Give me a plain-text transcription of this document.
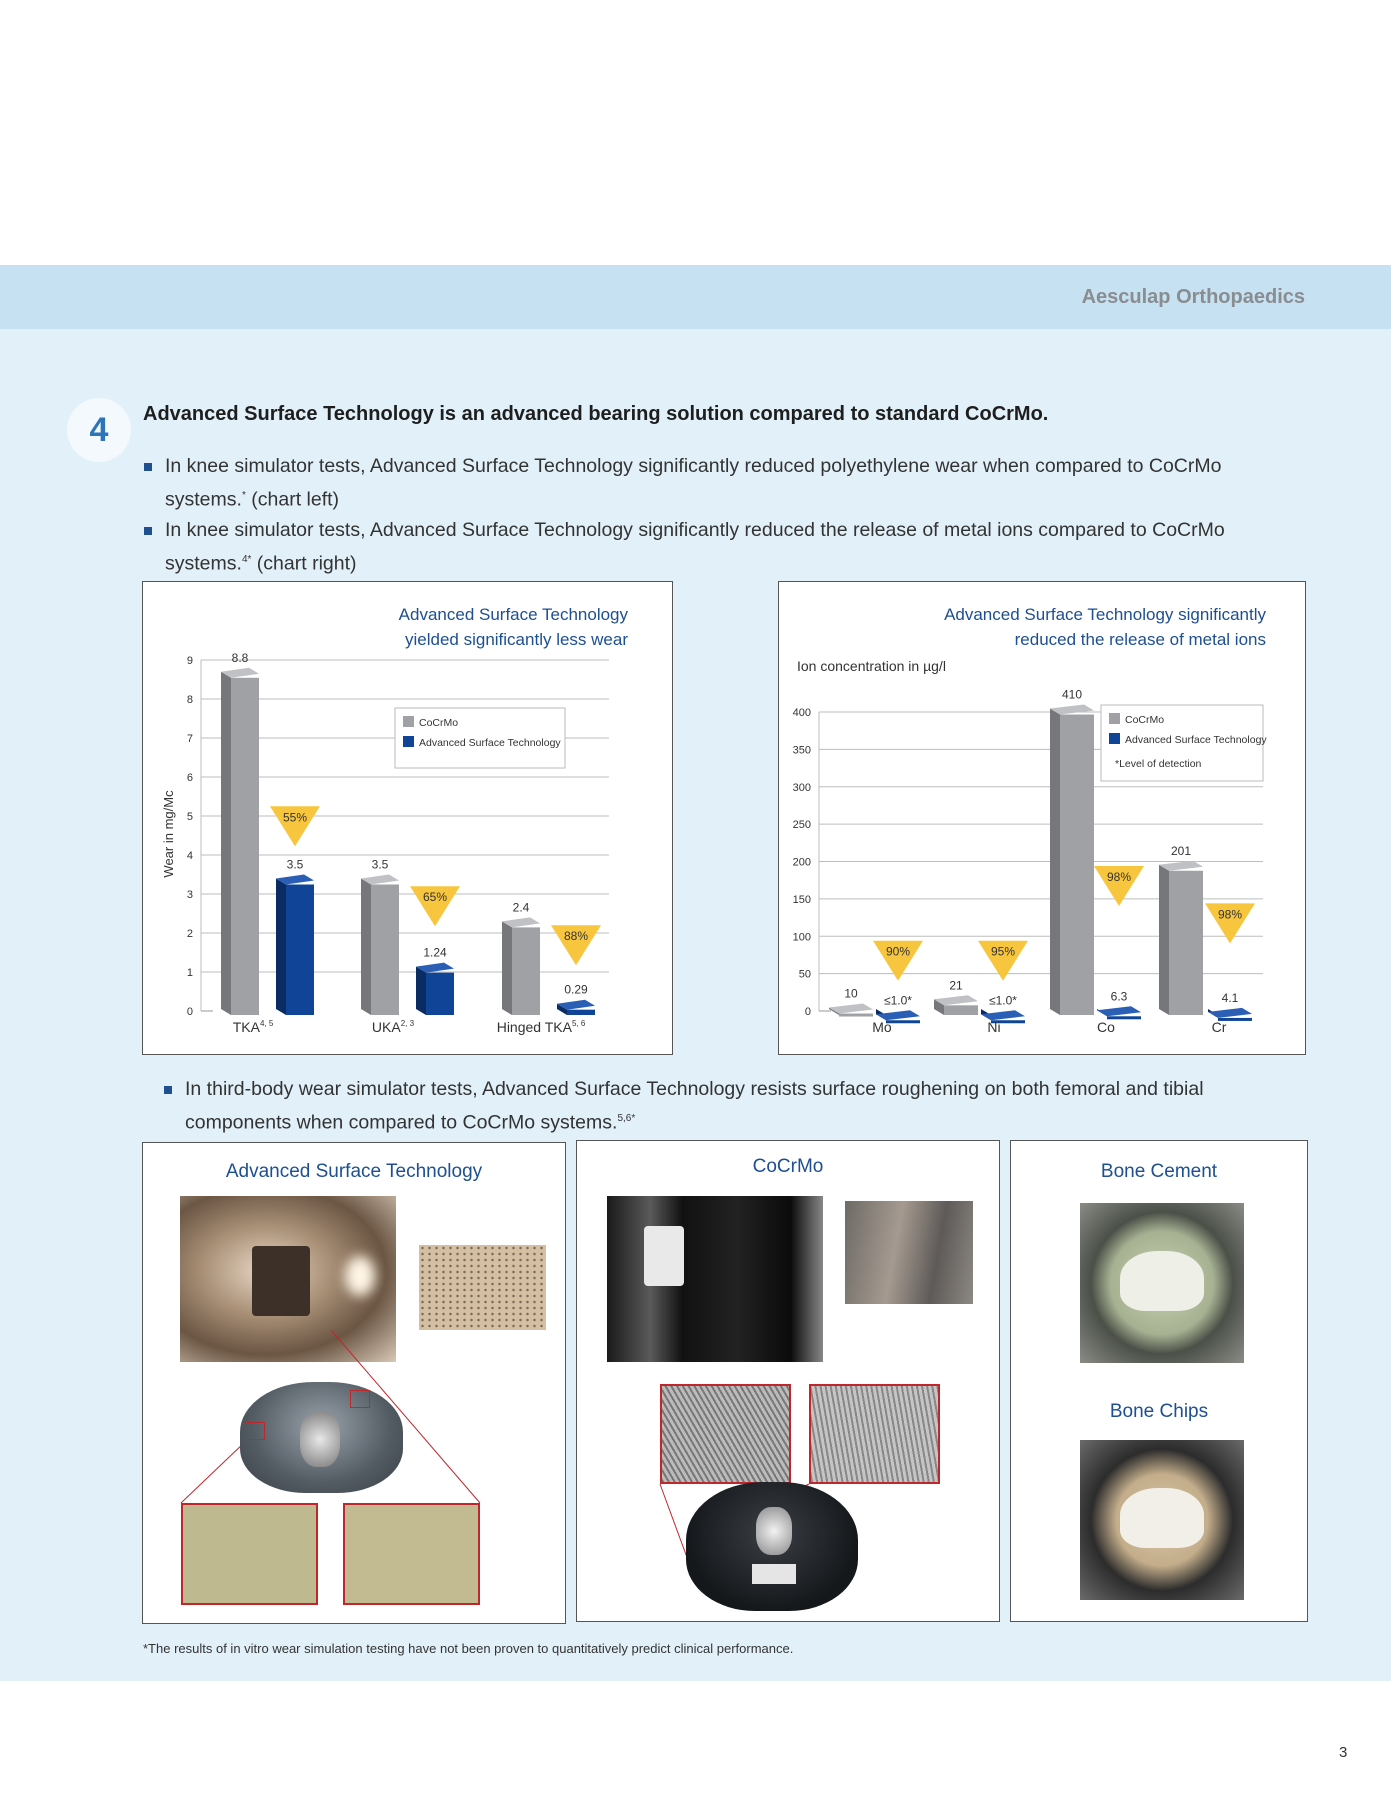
Aesculap Orthopaedics
4	Advanced Surface Technology is an advanced bearing solution compared to standard CoCrMo.
In knee simulator tests, Advanced Surface Technology significantly reduced polyethylene wear when compared to CoCrMo
systems.* (chart left)
In knee simulator tests, Advanced Surface Technology significantly reduced the release of metal ions compared to CoCrMo
systems.$^{4*}$ (chart right)
Advanced Surface Technology
yielded significantly less wear
0
1
2
3
4
5
6
7
8
9
Wear in mg/Mc
8.8
3.5
55%
TKA$^{4, 5}$
3.5
1.24
65%
UKA$^{2, 3}$
2.4
0.29
88%
Hinged TKA$^{5, 6}$
CoCrMo
Advanced Surface Technology
Advanced Surface Technology significantly
reduced the release of metal ions
0
50
100
150
200
250
300
350
400
Ion concentration in µg/l
10 ≤1.0*
90%
Mo
21
≤1.0*
95%
Ni
410
6.3
98%
Co
201
4.1
98%
Cr
CoCrMo
Advanced Surface Technology
*Level of detection
In third-body wear simulator tests, Advanced Surface Technology resists surface roughening on both femoral and tibial
components when compared to CoCrMo systems.$^{5,6*}$
Advanced Surface Technology	CoCrMo	Bone Cement
Bone Chips
*The results of in vitro wear simulation testing have not been proven to quantitatively predict clinical performance.
3
